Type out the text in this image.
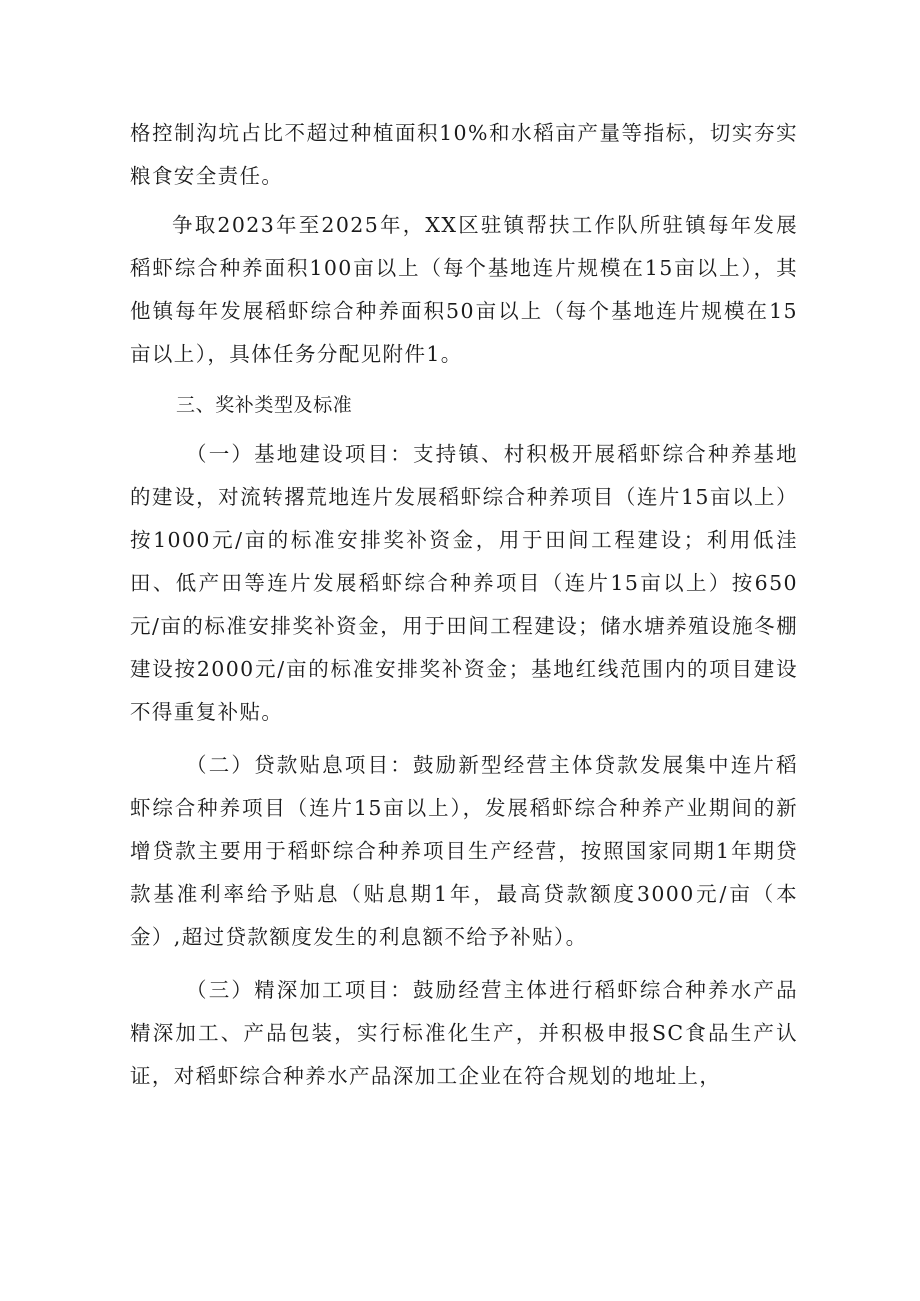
格控制沟坑占比不超过种植面积10%和水稻亩产量等指标，切实夯实粮食安全责任。

争取2023年至2025年，XX区驻镇帮扶工作队所驻镇每年发展稻虾综合种养面积100亩以上（每个基地连片规模在15亩以上），其他镇每年发展稻虾综合种养面积50亩以上（每个基地连片规模在15亩以上），具体任务分配见附件1。

三、奖补类型及标准

（一）基地建设项目：支持镇、村积极开展稻虾综合种养基地的建设，对流转撂荒地连片发展稻虾综合种养项目（连片15亩以上）按1000元/亩的标准安排奖补资金，用于田间工程建设；利用低洼田、低产田等连片发展稻虾综合种养项目（连片15亩以上）按650元/亩的标准安排奖补资金，用于田间工程建设；储水塘养殖设施冬棚建设按2000元/亩的标准安排奖补资金；基地红线范围内的项目建设不得重复补贴。

（二）贷款贴息项目：鼓励新型经营主体贷款发展集中连片稻虾综合种养项目（连片15亩以上），发展稻虾综合种养产业期间的新增贷款主要用于稻虾综合种养项目生产经营，按照国家同期1年期贷款基准利率给予贴息（贴息期1年，最高贷款额度3000元/亩（本金）,超过贷款额度发生的利息额不给予补贴）。

（三）精深加工项目：鼓励经营主体进行稻虾综合种养水产品精深加工、产品包装，实行标准化生产，并积极申报SC食品生产认证，对稻虾综合种养水产品深加工企业在符合规划的地址上，
